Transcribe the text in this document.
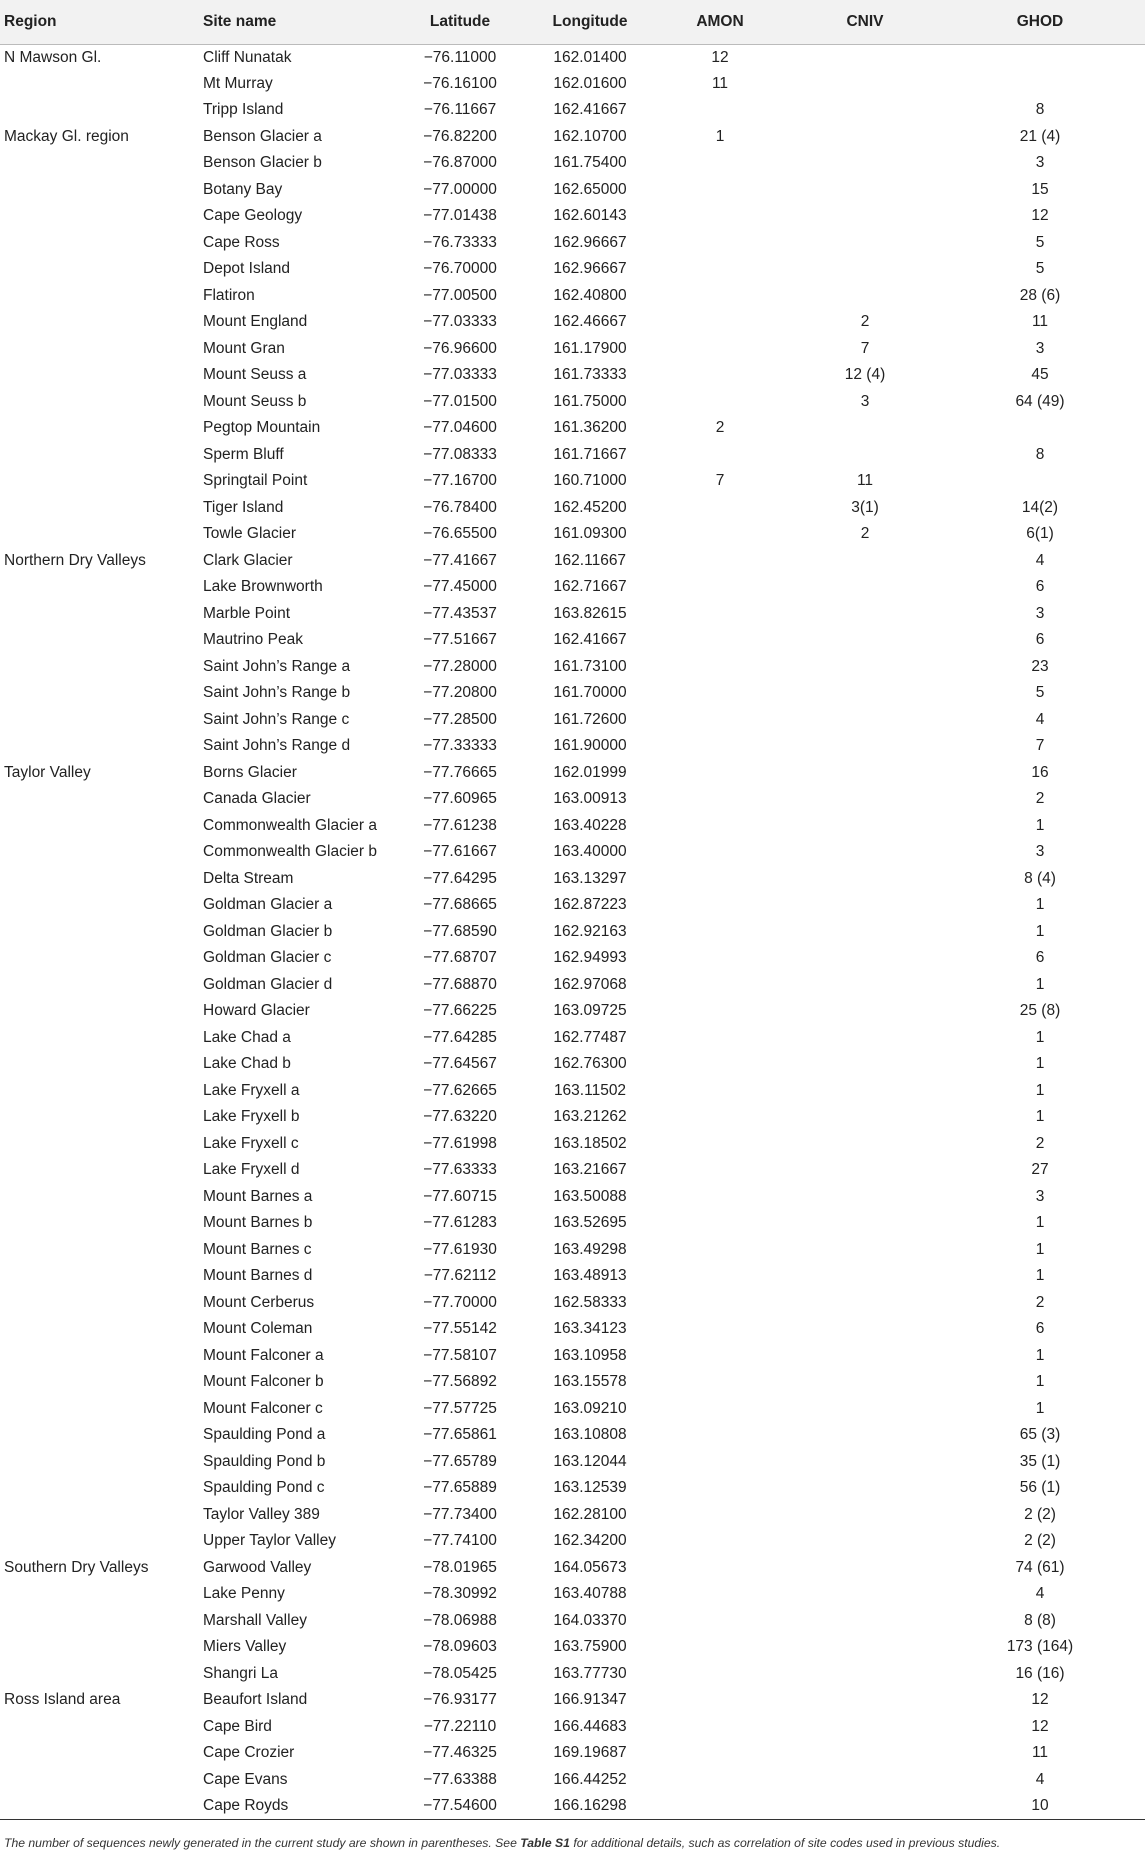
Region	Site name	Latitude	Longitude	AMON	CNIV	GHOD
N Mawson Gl.	Cliff Nunatak	−76.11000	162.01400	12		
	Mt Murray	−76.16100	162.01600	11		
	Tripp Island	−76.11667	162.41667			8
Mackay Gl. region	Benson Glacier a	−76.82200	162.10700	1		21 (4)
	Benson Glacier b	−76.87000	161.75400			3
	Botany Bay	−77.00000	162.65000			15
	Cape Geology	−77.01438	162.60143			12
	Cape Ross	−76.73333	162.96667			5
	Depot Island	−76.70000	162.96667			5
	Flatiron	−77.00500	162.40800			28 (6)
	Mount England	−77.03333	162.46667		2	11
	Mount Gran	−76.96600	161.17900		7	3
	Mount Seuss a	−77.03333	161.73333		12 (4)	45
	Mount Seuss b	−77.01500	161.75000		3	64 (49)
	Pegtop Mountain	−77.04600	161.36200	2		
	Sperm Bluff	−77.08333	161.71667			8
	Springtail Point	−77.16700	160.71000	7	11	
	Tiger Island	−76.78400	162.45200		3(1)	14(2)
	Towle Glacier	−76.65500	161.09300		2	6(1)
Northern Dry Valleys	Clark Glacier	−77.41667	162.11667			4
	Lake Brownworth	−77.45000	162.71667			6
	Marble Point	−77.43537	163.82615			3
	Mautrino Peak	−77.51667	162.41667			6
	Saint John’s Range a	−77.28000	161.73100			23
	Saint John’s Range b	−77.20800	161.70000			5
	Saint John’s Range c	−77.28500	161.72600			4
	Saint John’s Range d	−77.33333	161.90000			7
Taylor Valley	Borns Glacier	−77.76665	162.01999			16
	Canada Glacier	−77.60965	163.00913			2
	Commonwealth Glacier a	−77.61238	163.40228			1
	Commonwealth Glacier b	−77.61667	163.40000			3
	Delta Stream	−77.64295	163.13297			8 (4)
	Goldman Glacier a	−77.68665	162.87223			1
	Goldman Glacier b	−77.68590	162.92163			1
	Goldman Glacier c	−77.68707	162.94993			6
	Goldman Glacier d	−77.68870	162.97068			1
	Howard Glacier	−77.66225	163.09725			25 (8)
	Lake Chad a	−77.64285	162.77487			1
	Lake Chad b	−77.64567	162.76300			1
	Lake Fryxell a	−77.62665	163.11502			1
	Lake Fryxell b	−77.63220	163.21262			1
	Lake Fryxell c	−77.61998	163.18502			2
	Lake Fryxell d	−77.63333	163.21667			27
	Mount Barnes a	−77.60715	163.50088			3
	Mount Barnes b	−77.61283	163.52695			1
	Mount Barnes c	−77.61930	163.49298			1
	Mount Barnes d	−77.62112	163.48913			1
	Mount Cerberus	−77.70000	162.58333			2
	Mount Coleman	−77.55142	163.34123			6
	Mount Falconer a	−77.58107	163.10958			1
	Mount Falconer b	−77.56892	163.15578			1
	Mount Falconer c	−77.57725	163.09210			1
	Spaulding Pond a	−77.65861	163.10808			65 (3)
	Spaulding Pond b	−77.65789	163.12044			35 (1)
	Spaulding Pond c	−77.65889	163.12539			56 (1)
	Taylor Valley 389	−77.73400	162.28100			2 (2)
	Upper Taylor Valley	−77.74100	162.34200			2 (2)
Southern Dry Valleys	Garwood Valley	−78.01965	164.05673			74 (61)
	Lake Penny	−78.30992	163.40788			4
	Marshall Valley	−78.06988	164.03370			8 (8)
	Miers Valley	−78.09603	163.75900			173 (164)
	Shangri La	−78.05425	163.77730			16 (16)
Ross Island area	Beaufort Island	−76.93177	166.91347			12
	Cape Bird	−77.22110	166.44683			12
	Cape Crozier	−77.46325	169.19687			11
	Cape Evans	−77.63388	166.44252			4
	Cape Royds	−77.54600	166.16298			10
The number of sequences newly generated in the current study are shown in parentheses. See Table S1 for additional details, such as correlation of site codes used in previous studies.
